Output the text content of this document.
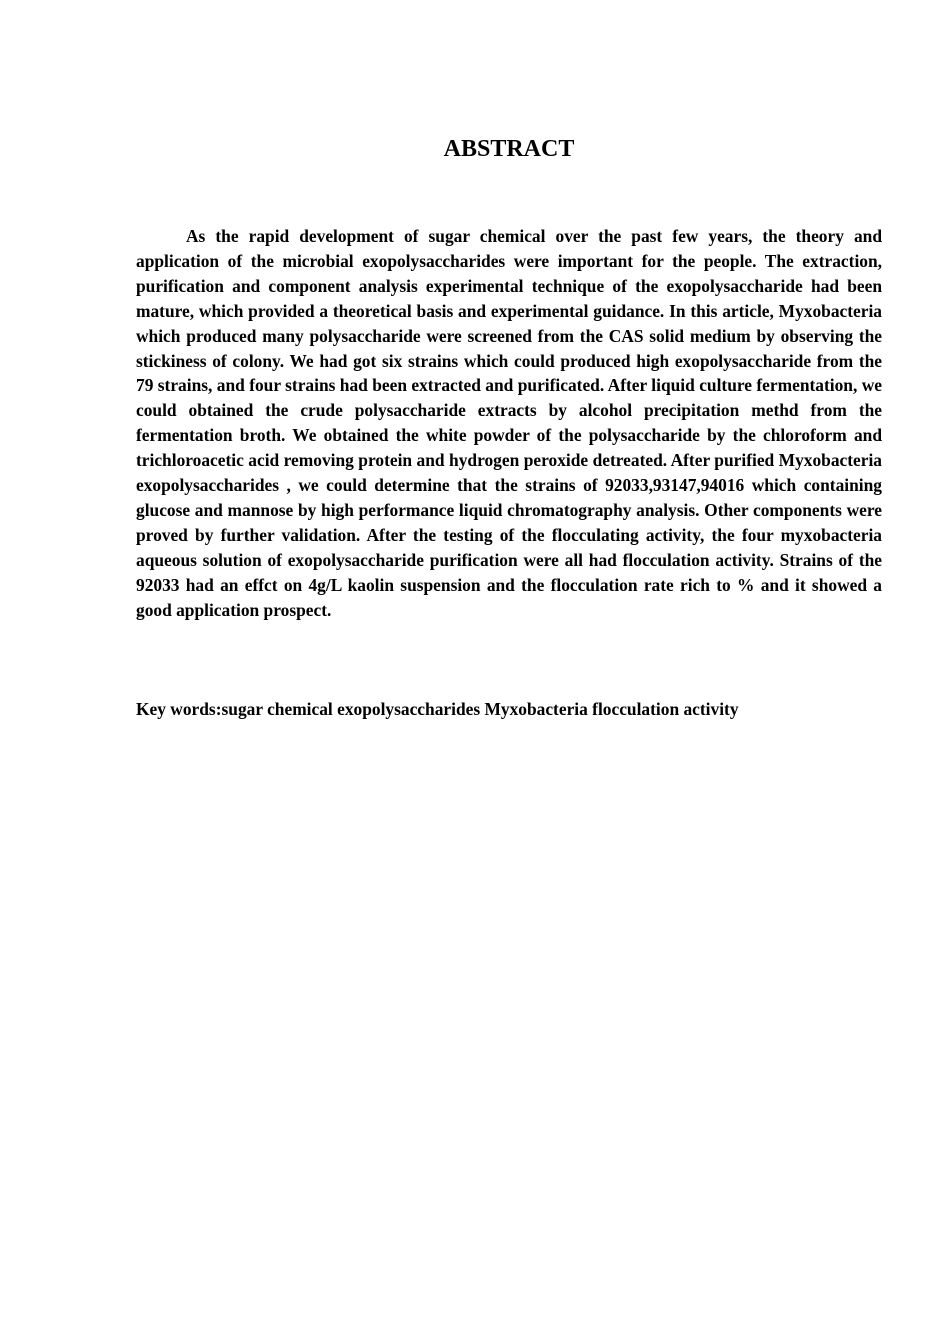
ABSTRACT

As the rapid development of sugar chemical over the past few years, the theory and application of the microbial exopolysaccharides were important for the people. The extraction, purification and component analysis experimental technique of the exopolysaccharide had been mature, which provided a theoretical basis and experimental guidance. In this article, Myxobacteria which produced many polysaccharide were screened from the CAS solid medium by observing the stickiness of colony. We had got six strains which could produced high exopolysaccharide from the 79 strains, and four strains had been extracted and purificated. After liquid culture fermentation, we could obtained the crude polysaccharide extracts by alcohol precipitation methd from the fermentation broth. We obtained the white powder of the polysaccharide by the chloroform and trichloroacetic acid removing protein and hydrogen peroxide detreated. After purified Myxobacteria exopolysaccharides , we could determine that the strains of 92033,93147,94016 which containing glucose and mannose by high performance liquid chromatography analysis. Other components were proved by further validation. After the testing of the flocculating activity, the four myxobacteria aqueous solution of exopolysaccharide purification were all had flocculation activity. Strains of the 92033 had an effct on 4g/L kaolin suspension and the flocculation rate rich to % and it showed a good application prospect.

Key words:sugar chemical exopolysaccharides Myxobacteria flocculation activity
